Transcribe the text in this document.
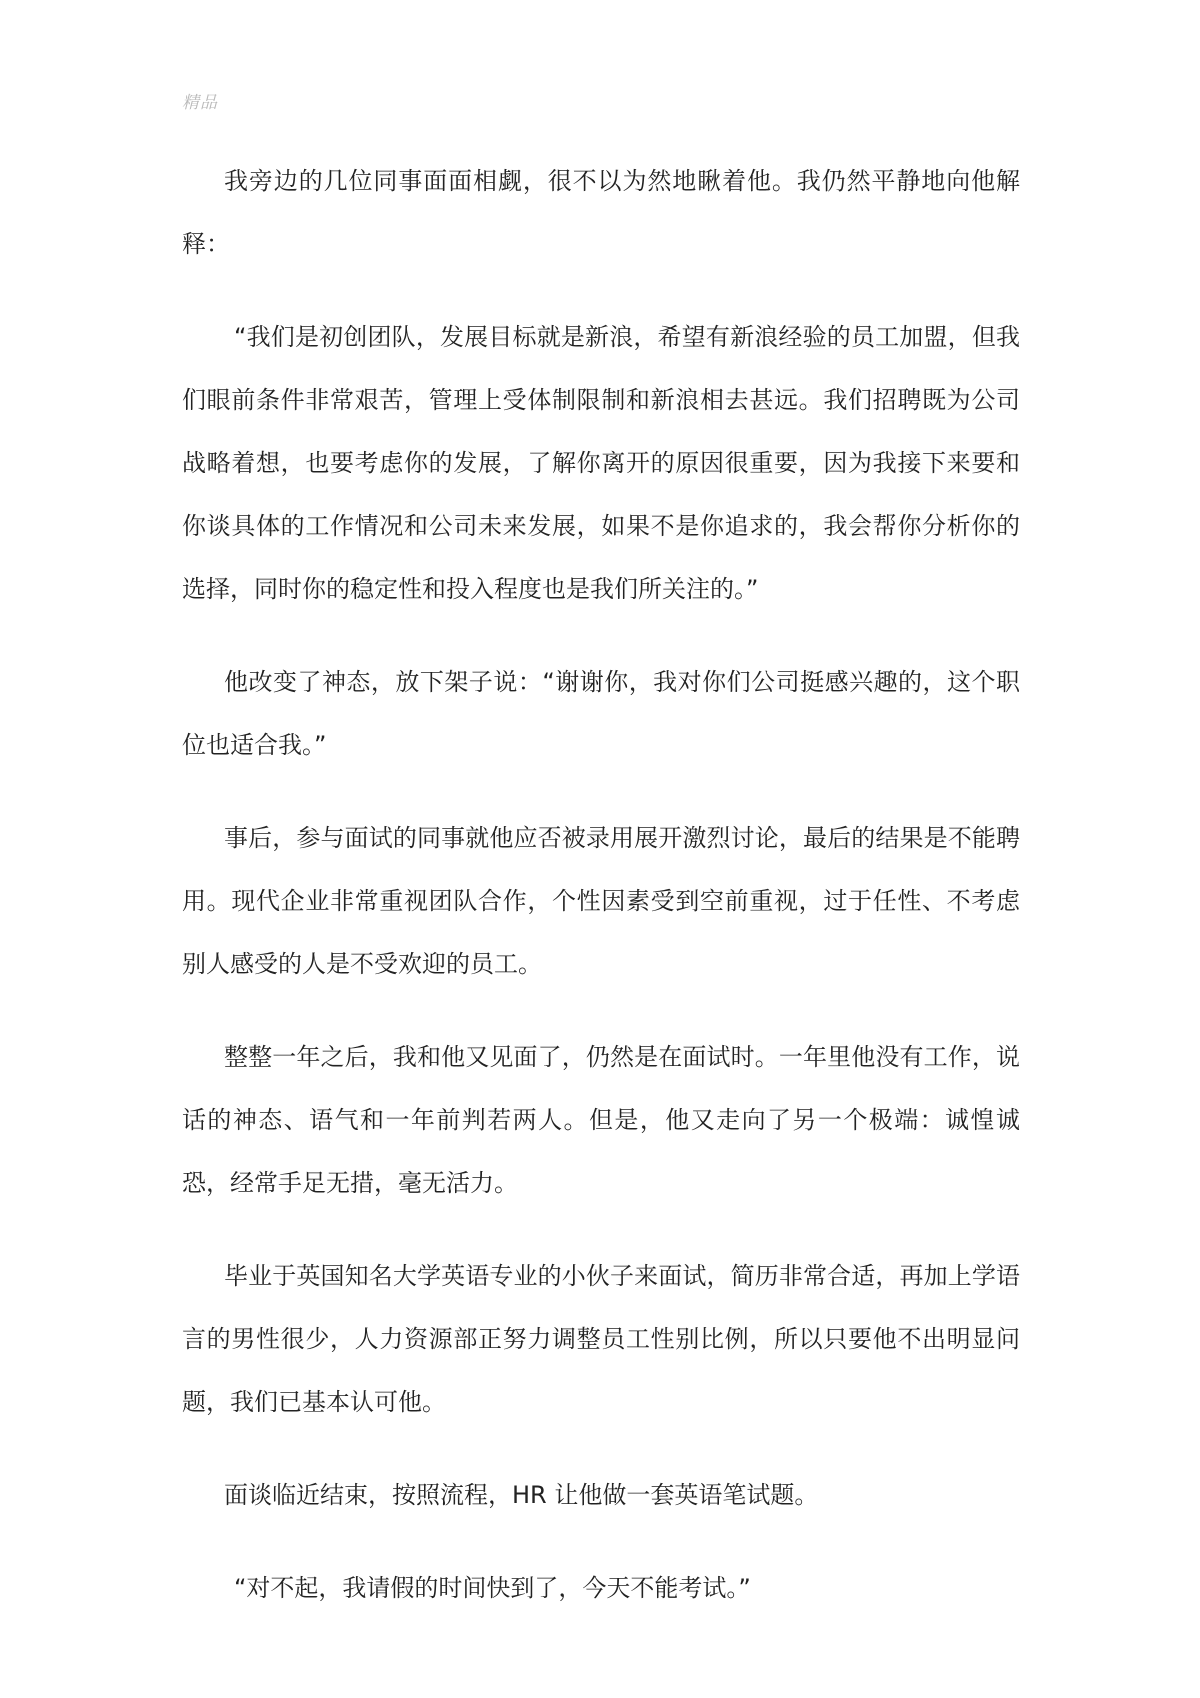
精品

我旁边的几位同事面面相觑，很不以为然地瞅着他。我仍然平静地向他解释：

“我们是初创团队，发展目标就是新浪，希望有新浪经验的员工加盟，但我们眼前条件非常艰苦，管理上受体制限制和新浪相去甚远。我们招聘既为公司战略着想，也要考虑你的发展，了解你离开的原因很重要，因为我接下来要和你谈具体的工作情况和公司未来发展，如果不是你追求的，我会帮你分析你的选择，同时你的稳定性和投入程度也是我们所关注的。”

他改变了神态，放下架子说：“谢谢你，我对你们公司挺感兴趣的，这个职位也适合我。”

事后，参与面试的同事就他应否被录用展开激烈讨论，最后的结果是不能聘用。现代企业非常重视团队合作，个性因素受到空前重视，过于任性、不考虑别人感受的人是不受欢迎的员工。

整整一年之后，我和他又见面了，仍然是在面试时。一年里他没有工作，说话的神态、语气和一年前判若两人。但是，他又走向了另一个极端：诚惶诚恐，经常手足无措，毫无活力。

毕业于英国知名大学英语专业的小伙子来面试，简历非常合适，再加上学语言的男性很少，人力资源部正努力调整员工性别比例，所以只要他不出明显问题，我们已基本认可他。

面谈临近结束，按照流程，HR 让他做一套英语笔试题。

“对不起，我请假的时间快到了，今天不能考试。”
